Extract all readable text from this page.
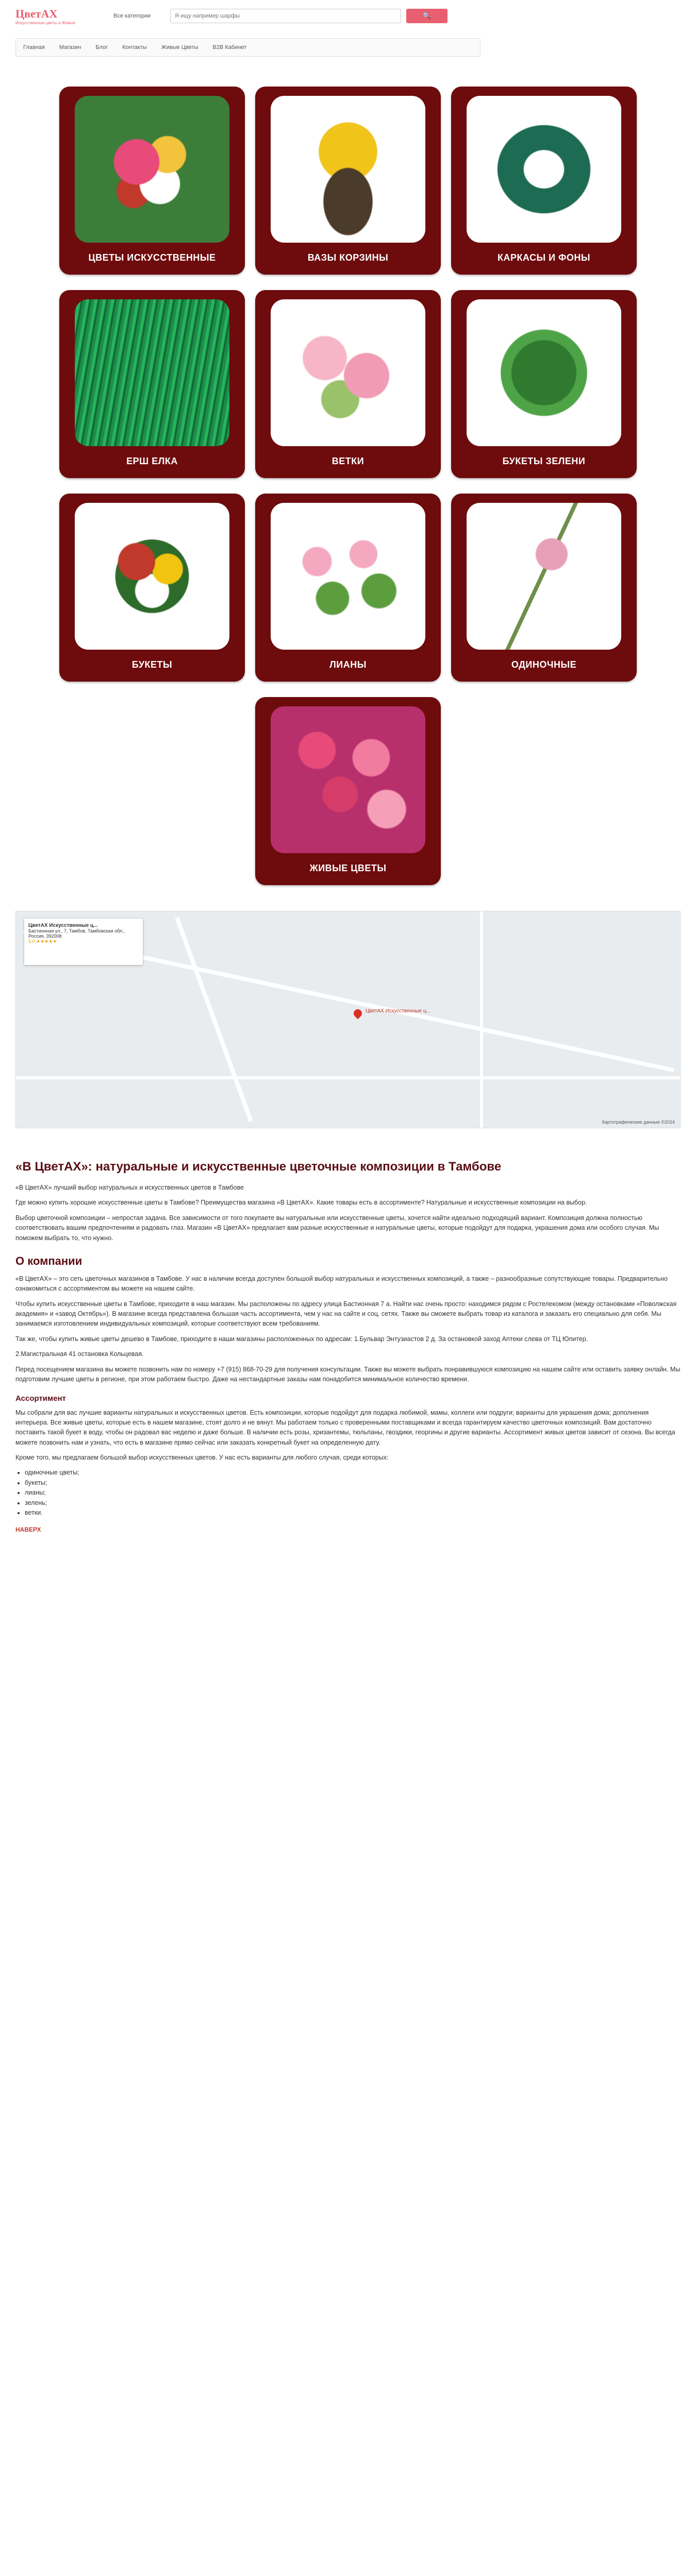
ЦветАХ
Искусственные цветы и Живые
Все категории
Я ищу например шарфы	🔍
Главная	Магазин	Блог	Контакты	Живые Цветы	B2B Кабинет
ЦВЕТЫ ИСКУССТВЕННЫЕ	ВАЗЫ КОРЗИНЫ	КАРКАСЫ И ФОНЫ
ЕРШ ЕЛКА	ВЕТКИ	БУКЕТЫ ЗЕЛЕНИ
БУКЕТЫ	ЛИАНЫ	ОДИНОЧНЫЕ
ЖИВЫЕ ЦВЕТЫ
ЦветАХ Искусственные ц...
Бастионная ул., 7, Тамбов, Тамбовская обл., Россия, 392008
5,0 ★★★★★
ЦветАХ Искусственные ц...
Картографические данные ©2024
«В ЦветАХ»: натуральные и искусственные цветочные композиции в Тамбове

«В ЦветАХ» лучший выбор натуральных и искусственных цветов в Тамбове

Где можно купить хорошие искусственные цветы в Тамбове? Преимущества магазина «В ЦветАХ». Какие товары есть в ассортименте? Натуральные и искусственные композиции на выбор.

Выбор цветочной композиции – непростая задача. Все зависимости от того покупаете вы натуральные или искусственные цветы, хочется найти идеально подходящий вариант. Композиция должна полностью соответствовать вашим предпочтениям и радовать глаз. Магазин «В ЦветАХ» предлагает вам разные искусственные и натуральные цветы, которые подойдут для подарка, украшения дома или особого случая. Мы поможем выбрать то, что нужно.

О компании

«В ЦветАХ» – это сеть цветочных магазинов в Тамбове. У нас в наличии всегда доступен большой выбор натуральных и искусственных композиций, а также – разнообразные сопутствующие товары. Предварительно ознакомиться с ассортиментом вы можете на нашем сайте.

Чтобы купить искусственные цветы в Тамбове, приходите в наш магазин. Мы расположены по адресу улица Бастионная 7 а. Найти нас очень просто: находимся рядом с Ростелекомом (между остановками «Поволжская академия» и «завод Октябрь»). В магазине всегда представлена большая часть ассортимента, чем у нас на сайте и соц. сетях. Также вы сможете выбрать товар из каталога и заказать его специально для себя. Мы занимаемся изготовлением индивидуальных композиций, которые соответствуют всем требованиям.

Так же, чтобы купить живые цветы дешево в Тамбове, приходите в наши магазины расположенных по адресам: 1.Бульвар Энтузиастов 2 д. За остановкой заход Аптеки слева от ТЦ Юпитер.

2.Магистральная 41 остановка Кольцевая.

Перед посещением магазина вы можете позвонить нам по номеру +7 (915) 868-70-29 для получения консультации. Также вы можете выбрать понравившуюся композицию на нашем сайте или оставить заявку онлайн. Мы подготовим лучшие цветы в регионе, при этом работаем быстро. Даже на нестандартные заказы нам понадобится минимальное количество времени.

Ассортимент

Мы собрали для вас лучшие варианты натуральных и искусственных цветов. Есть композиции, которые подойдут для подарка любимой, мамы, коллеги или подруги; варианты для украшения дома; дополнения интерьера. Все живые цветы, которые есть в нашем магазине, стоят долго и не вянут. Мы работаем только с проверенными поставщиками и всегда гарантируем качество цветочных композиций. Вам достаточно поставить такой букет в воду, чтобы он радовал вас неделю и даже больше. В наличии есть розы, хризантемы, тюльпаны, гвоздики, георгины и другие варианты. Ассортимент живых цветов зависит от сезона. Вы всегда можете позвонить нам и узнать, что есть в магазине прямо сейчас или заказать конкретный букет на определенную дату.

Кроме того, мы предлагаем большой выбор искусственных цветов. У нас есть варианты для любого случая, среди которых:

• одиночные цветы;
• букеты;
• лианы;
• зелень;
• ветки.
НАВЕРХ
